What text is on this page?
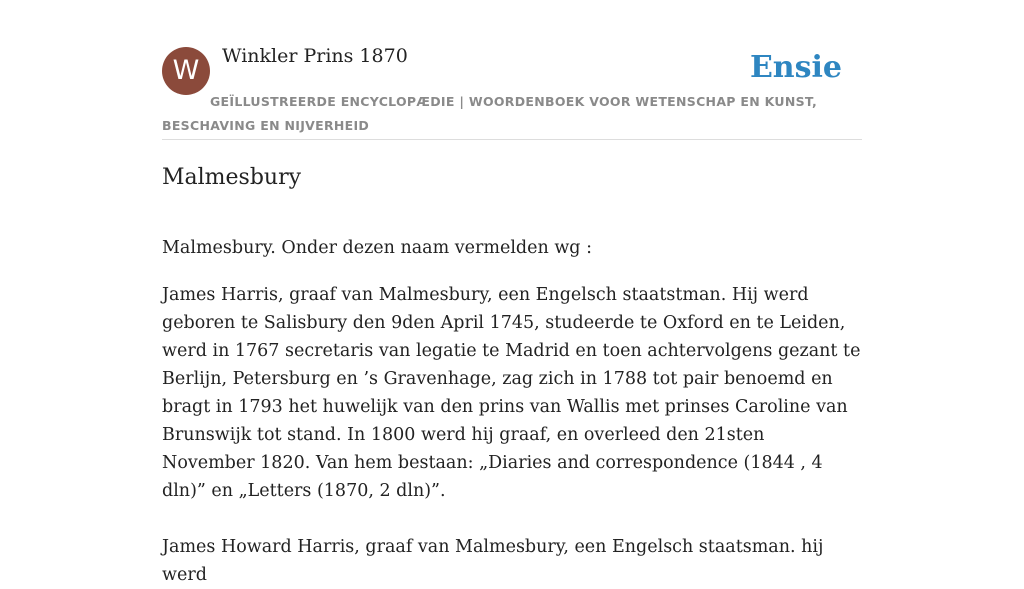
W	Winkler Prins 1870	Ensie
GEÏLLUSTREERDE ENCYCLOPÆDIE | WOORDENBOEK VOOR WETENSCHAP EN KUNST, BESCHAVING EN NIJVERHEID
Malmesbury

Malmesbury. Onder dezen naam vermelden wg :

James Harris, graaf van Malmesbury, een Engelsch staatstman. Hij werd geboren te Salisbury den 9den April 1745, studeerde te Oxford en te Leiden, werd in 1767 secretaris van legatie te Madrid en toen achtervolgens gezant te Berlijn, Petersburg en ’s Gravenhage, zag zich in 1788 tot pair benoemd en bragt in 1793 het huwelijk van den prins van Wallis met prinses Caroline van Brunswijk tot stand. In 1800 werd hij graaf, en overleed den 21sten November 1820. Van hem bestaan: „Diaries and correspondence (1844 , 4 dln)” en „Letters (1870, 2 dln)”.

James Howard Harris, graaf van Malmesbury, een Engelsch staatsman. hij werd
